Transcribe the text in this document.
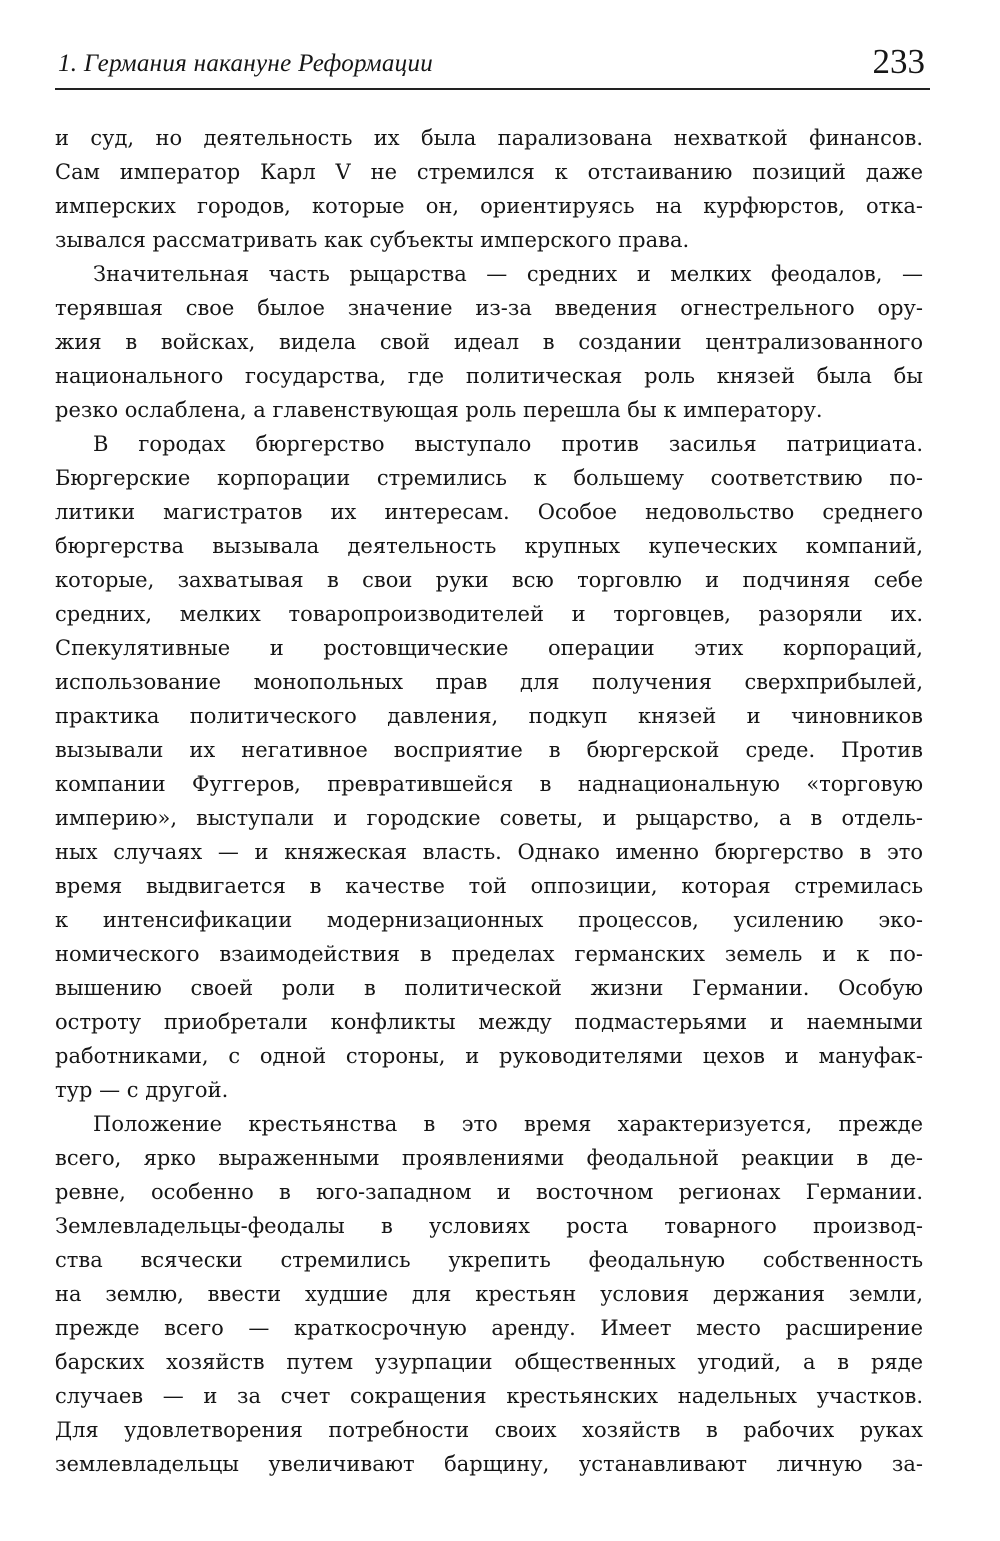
1. Германия накануне Реформации	233
и суд, но деятельность их была парализована нехваткой финансов.
Сам император Карл V не стремился к отстаиванию позиций даже
имперских городов, которые он, ориентируясь на курфюрстов, отка-
зывался рассматривать как субъекты имперского права.
Значительная часть рыцарства — средних и мелких феодалов, —
терявшая свое былое значение из-за введения огнестрельного ору-
жия в войсках, видела свой идеал в создании централизованного
национального государства, где политическая роль князей была бы
резко ослаблена, а главенствующая роль перешла бы к императору.
В городах бюргерство выступало против засилья патрициата.
Бюргерские корпорации стремились к большему соответствию по-
литики магистратов их интересам. Особое недовольство среднего
бюргерства вызывала деятельность крупных купеческих компаний,
которые, захватывая в свои руки всю торговлю и подчиняя себе
средних, мелких товаропроизводителей и торговцев, разоряли их.
Спекулятивные и ростовщические операции этих корпораций,
использование монопольных прав для получения сверхприбылей,
практика политического давления, подкуп князей и чиновников
вызывали их негативное восприятие в бюргерской среде. Против
компании Фуггеров, превратившейся в наднациональную «торговую
империю», выступали и городские советы, и рыцарство, а в отдель-
ных случаях — и княжеская власть. Однако именно бюргерство в это
время выдвигается в качестве той оппозиции, которая стремилась
к интенсификации модернизационных процессов, усилению эко-
номического взаимодействия в пределах германских земель и к по-
вышению своей роли в политической жизни Германии. Особую
остроту приобретали конфликты между подмастерьями и наемными
работниками, с одной стороны, и руководителями цехов и мануфак-
тур — с другой.
Положение крестьянства в это время характеризуется, прежде
всего, ярко выраженными проявлениями феодальной реакции в де-
ревне, особенно в юго-западном и восточном регионах Германии.
Землевладельцы-феодалы в условиях роста товарного производ-
ства всячески стремились укрепить феодальную собственность
на землю, ввести худшие для крестьян условия держания земли,
прежде всего — краткосрочную аренду. Имеет место расширение
барских хозяйств путем узурпации общественных угодий, а в ряде
случаев — и за счет сокращения крестьянских надельных участков.
Для удовлетворения потребности своих хозяйств в рабочих руках
землевладельцы увеличивают барщину, устанавливают личную за-
